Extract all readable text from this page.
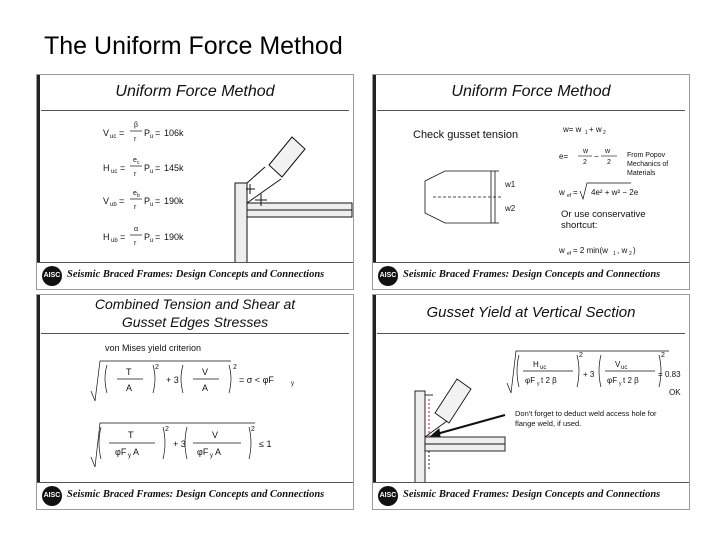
The Uniform Force Method
Uniform Force Method
V uc =
β
r
P u = 106k
H uc =
e c
r
P u = 145k
V ub =
e b
r
P u = 190k
H ub =
α
r
P u = 190k
AISC Seismic Braced Frames: Design Concepts and Connections
Uniform Force Method
Check gusset tension
From Popov Mechanics of Materials
w= w 1 + w 2
e=
w
2
−
w
2
w ef = 4e² + w² − 2e
w1
w2
w ef = 2 min(w 1 , w 2 )
Or use conservative shortcut:
AISC Seismic Braced Frames: Design Concepts and Connections
Combined Tension and Shear at
Gusset Edges Stresses
von Mises yield criterion
T
A
2
+ 3
V
A
2
= σ < φF	y
T
φF y A
2
+ 3
V
φF y A
2
≤ 1
AISC Seismic Braced Frames: Design Concepts and Connections
Gusset Yield at Vertical Section
H uc
φF y t 2 β
2
+ 3
V uc
φF y t 2 β
2
= 0.83
OK
Don't forget to deduct weld access hole for flange weld, if used.
AISC Seismic Braced Frames: Design Concepts and Connections
